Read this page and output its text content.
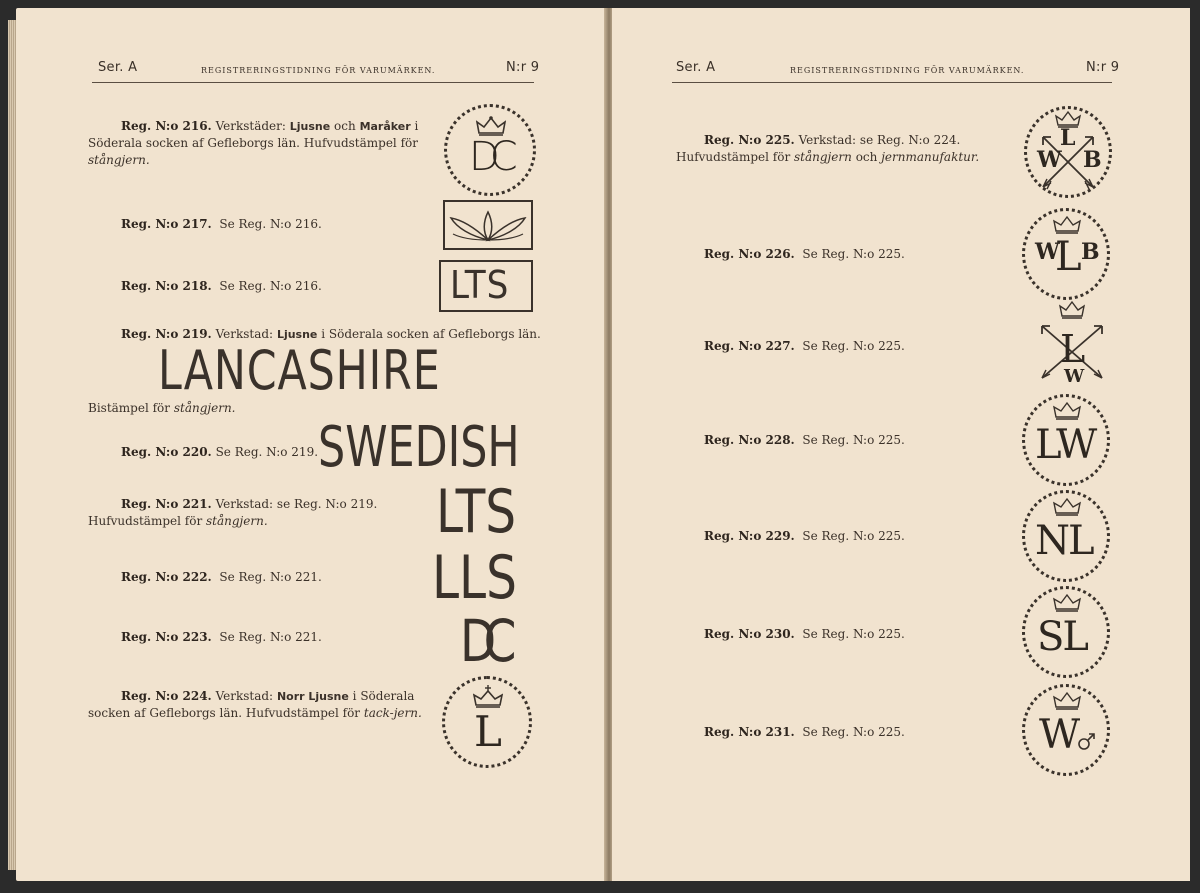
Ser. A	REGISTRERINGSTIDNING FÖR VARUMÄRKEN.	N:r 9
Reg. N:o 216. Verkstäder: Ljusne och Maråker i Söderala socken af Gefleborgs län. Hufvudstämpel för stångjern.	DC
Reg. N:o 217. Se Reg. N:o 216.
Reg. N:o 218. Se Reg. N:o 216.	LTS
Reg. N:o 219. Verkstad: Ljusne i Söderala socken af Gefleborgs län.
LANCASHIRE
Bistämpel för stångjern.
Reg. N:o 220. Se Reg. N:o 219. SWEDISH
Reg. N:o 221. Verkstad: se Reg. N:o 219. Hufvudstämpel för stångjern.	LTS
Reg. N:o 222. Se Reg. N:o 221. LLS
Reg. N:o 223. Se Reg. N:o 221. DC
Reg. N:o 224. Verkstad: Norr Ljusne i Söderala socken af Gefleborgs län. Hufvudstämpel för tack-jern. L
Ser. A	REGISTRERINGSTIDNING FÖR VARUMÄRKEN.	N:r 9
Reg. N:o 225. Verkstad: se Reg. N:o 224. Hufvudstämpel för stångjern och jernmanufaktur.
L
W B
Reg. N:o 226. Se Reg. N:o 225.	W
L B
Reg. N:o 227. Se Reg. N:o 225.	L
W
Reg. N:o 228. Se Reg. N:o 225.	LW
Reg. N:o 229. Se Reg. N:o 225.	NL
Reg. N:o 230. Se Reg. N:o 225.	SL
Reg. N:o 231. Se Reg. N:o 225.	W
